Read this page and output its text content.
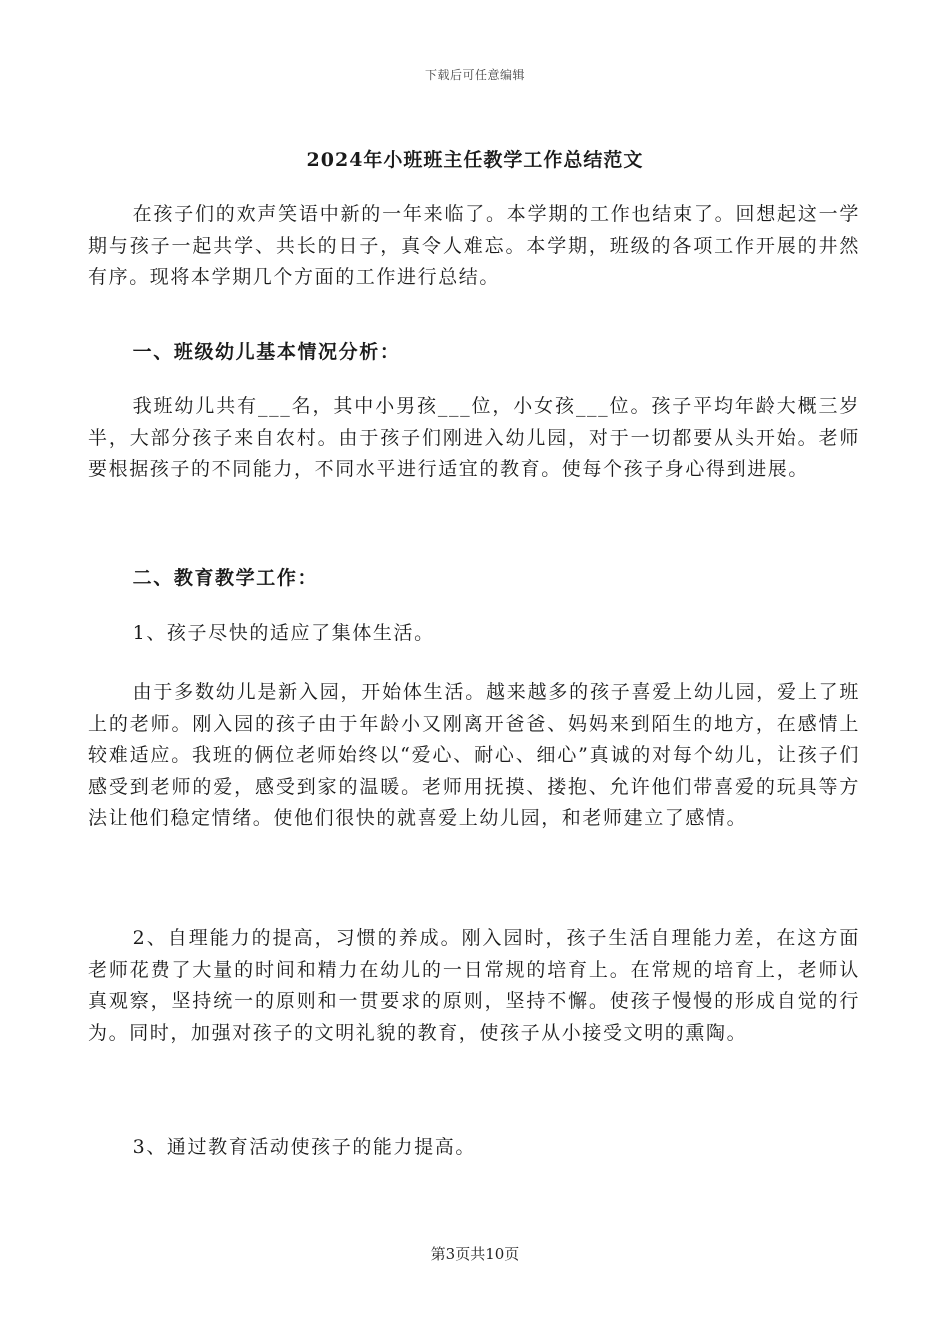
下载后可任意编辑
2024年小班班主任教学工作总结范文

在孩子们的欢声笑语中新的一年来临了。本学期的工作也结束了。回想起这一学期与孩子一起共学、共长的日子，真令人难忘。本学期，班级的各项工作开展的井然有序。现将本学期几个方面的工作进行总结。

一、班级幼儿基本情况分析：

我班幼儿共有___名，其中小男孩___位，小女孩___位。孩子平均年龄大概三岁半，大部分孩子来自农村。由于孩子们刚进入幼儿园，对于一切都要从头开始。老师要根据孩子的不同能力，不同水平进行适宜的教育。使每个孩子身心得到进展。

二、教育教学工作：

1、孩子尽快的适应了集体生活。

由于多数幼儿是新入园，开始体生活。越来越多的孩子喜爱上幼儿园，爱上了班上的老师。刚入园的孩子由于年龄小又刚离开爸爸、妈妈来到陌生的地方，在感情上较难适应。我班的俩位老师始终以“爱心、耐心、细心”真诚的对每个幼儿，让孩子们感受到老师的爱，感受到家的温暖。老师用抚摸、搂抱、允许他们带喜爱的玩具等方法让他们稳定情绪。使他们很快的就喜爱上幼儿园，和老师建立了感情。

2、自理能力的提高，习惯的养成。刚入园时，孩子生活自理能力差，在这方面老师花费了大量的时间和精力在幼儿的一日常规的培育上。在常规的培育上，老师认真观察，坚持统一的原则和一贯要求的原则，坚持不懈。使孩子慢慢的形成自觉的行为。同时，加强对孩子的文明礼貌的教育，使孩子从小接受文明的熏陶。

3、通过教育活动使孩子的能力提高。

第3页共10页
